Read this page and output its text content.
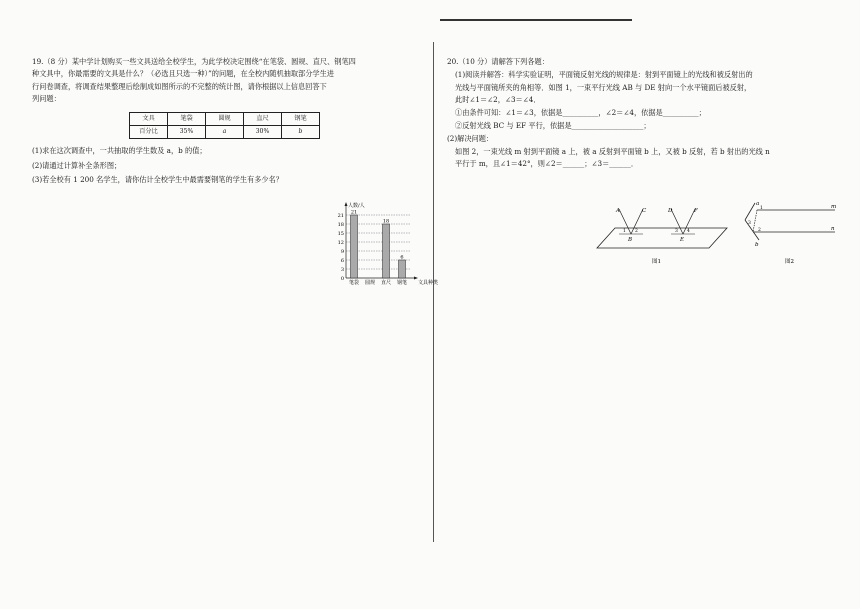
19.（8 分）某中学计划购买一些文具送给全校学生，为此学校决定围绕“在笔袋、圆规、直尺、钢笔四

种文具中，你最需要的文具是什么？（必选且只选一种）”的问题，在全校内随机抽取部分学生进

行问卷调查，将调查结果整理后绘制成如图所示的不完整的统计图，请你根据以上信息回答下

列问题：

文具	笔袋	圆规	直尺	钢笔
百分比	35%	a	30%	b

(1)求在这次调查中，一共抽取的学生数及 a，b 的值；

(2)请通过计算补全条形图；

(3)若全校有 1 200 名学生，请你估计全校学生中最需要钢笔的学生有多少名？

0
3
6
9
12
15
18
21
人数/人
文具种类
21
笔袋 圆规
18
直尺
6
钢笔

20.（10 分）请解答下列各题：

(1)阅读并解答：科学实验证明，平面镜反射光线的规律是：射到平面镜上的光线和被反射出的

光线与平面镜所夹的角相等．如图 1，一束平行光线 AB 与 DE 射向一个水平镜面后被反射，

此时∠1＝∠2，∠3＝∠4．

①由条件可知：∠1＝∠3，依据是__________，∠2＝∠4，依据是__________；

②反射光线 BC 与 EF 平行，依据是____________________；

(2)解决问题：

如图 2，一束光线 m 射到平面镜 a 上，被 a 反射到平面镜 b 上，又被 b 反射，若 b 射出的光线 n

平行于 m，且∠1＝42°，则∠2＝______；∠3＝______．

A	C	D	F
B	E
1 2	3 4
图1
m
n
a
b
1
2
3
图2
